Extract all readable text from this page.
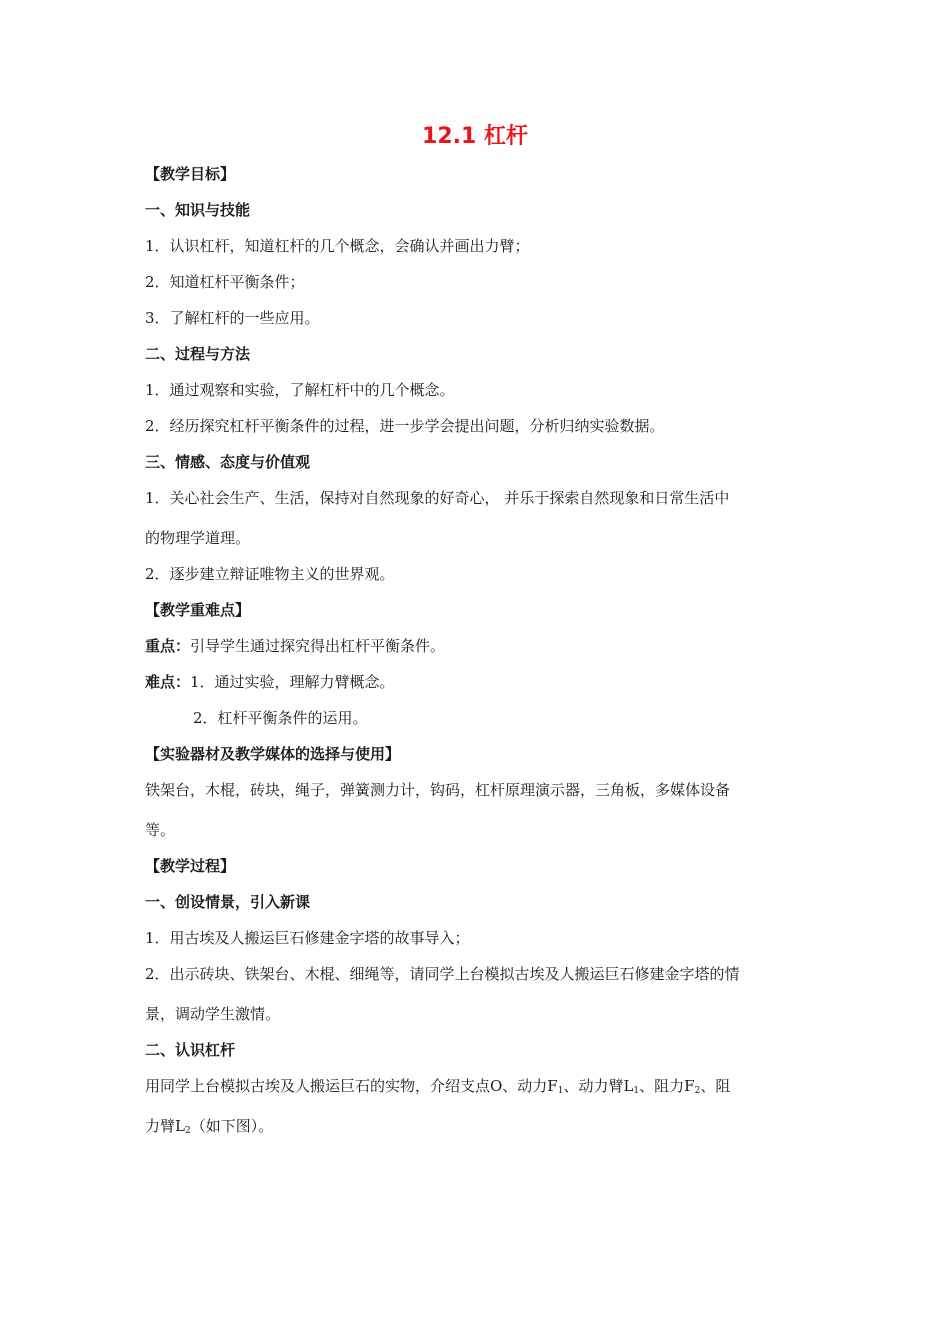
12.1 杠杆
【教学目标】
一、知识与技能
1．认识杠杆，知道杠杆的几个概念，会确认并画出力臂；
2．知道杠杆平衡条件；
3．了解杠杆的一些应用。
二、过程与方法
1．通过观察和实验，了解杠杆中的几个概念。
2．经历探究杠杆平衡条件的过程，进一步学会提出问题，分析归纳实验数据。
三、情感、态度与价值观
1．关心社会生产、生活，保持对自然现象的好奇心， 并乐于探索自然现象和日常生活中
的物理学道理。
2．逐步建立辩证唯物主义的世界观。
【教学重难点】
重点：引导学生通过探究得出杠杆平衡条件。
难点：1．通过实验，理解力臂概念。
2．杠杆平衡条件的运用。
【实验器材及教学媒体的选择与使用】
铁架台，木棍，砖块，绳子，弹簧测力计，钩码，杠杆原理演示器，三角板，多媒体设备
等。
【教学过程】
一、创设情景，引入新课
1．用古埃及人搬运巨石修建金字塔的故事导入；
2．出示砖块、铁架台、木棍、细绳等，请同学上台模拟古埃及人搬运巨石修建金字塔的情
景，调动学生激情。
二、认识杠杆
用同学上台模拟古埃及人搬运巨石的实物，介绍支点O、动力$F_1$、动力臂$L_1$、阻力$F_2$、阻
力臂$L_2$（如下图）。
